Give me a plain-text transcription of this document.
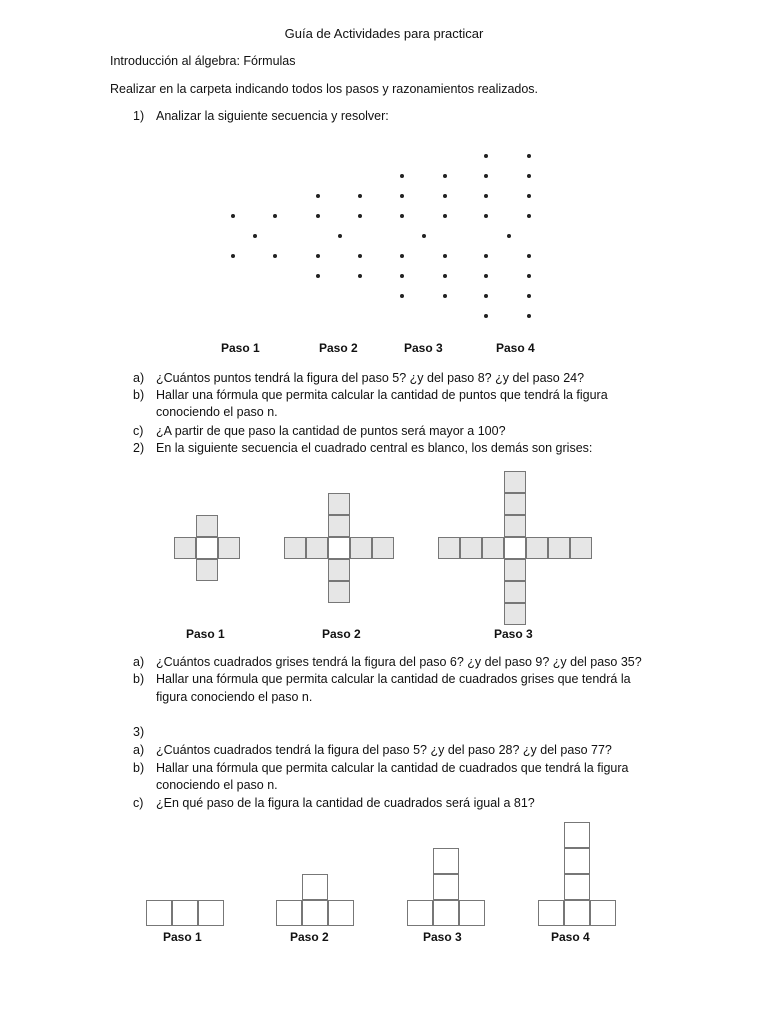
Guía de Actividades para practicar
Introducción al álgebra: Fórmulas
Realizar en la carpeta indicando todos los pasos y razonamientos realizados.
1) Analizar la siguiente secuencia y resolver:
Paso 1	Paso 2	Paso 3	Paso 4
a) ¿Cuántos puntos tendrá la figura del paso 5? ¿y del paso 8? ¿y del paso 24?
b) Hallar una fórmula que permita calcular la cantidad de puntos que tendrá la figura
conociendo el paso n.
c) ¿A partir de que paso la cantidad de puntos será mayor a 100?
2) En la siguiente secuencia el cuadrado central es blanco, los demás son grises:
Paso 1	Paso 2	Paso 3
a) ¿Cuántos cuadrados grises tendrá la figura del paso 6? ¿y del paso 9? ¿y del paso 35?
b) Hallar una fórmula que permita calcular la cantidad de cuadrados grises que tendrá la
figura conociendo el paso n.
3)
a) ¿Cuántos cuadrados tendrá la figura del paso 5? ¿y del paso 28? ¿y del paso 77?
b) Hallar una fórmula que permita calcular la cantidad de cuadrados que tendrá la figura
conociendo el paso n.
c) ¿En qué paso de la figura la cantidad de cuadrados será igual a 81?
Paso 1	Paso 2	Paso 3	Paso 4
